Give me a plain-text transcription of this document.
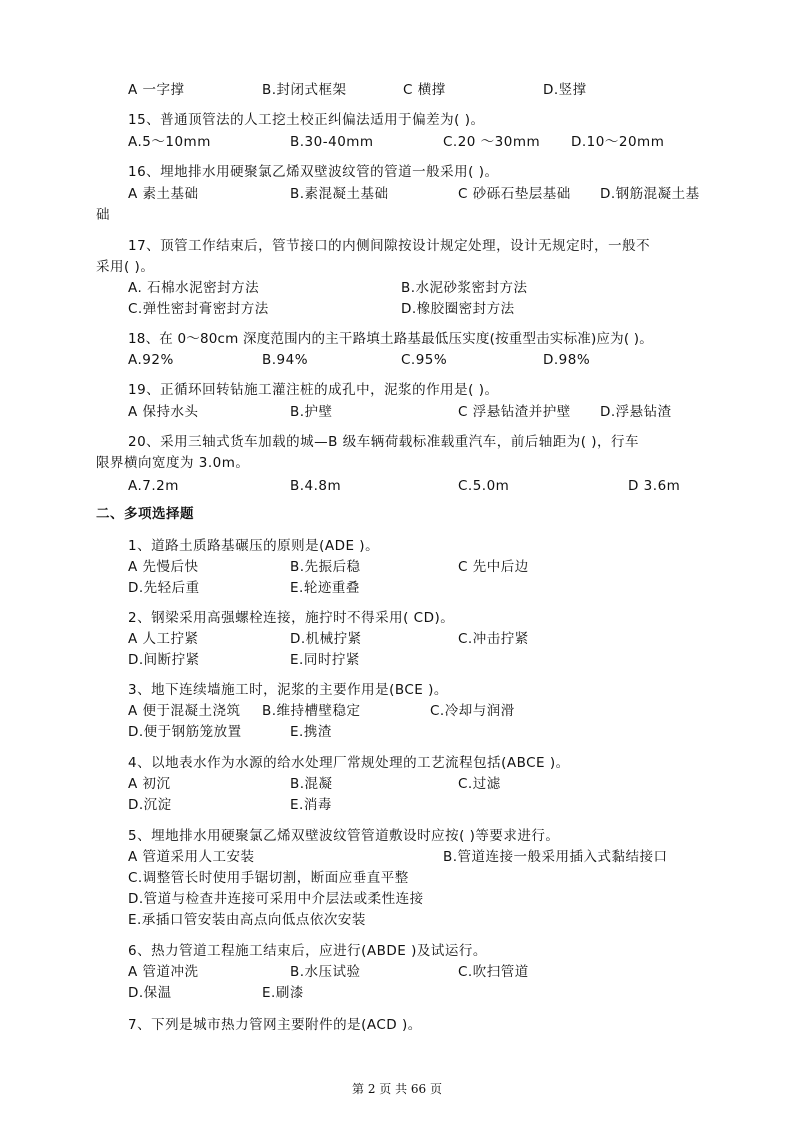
A 一字撑	B.封闭式框架	C 横撑	D.竖撑
15、普通顶管法的人工挖土校正纠偏法适用于偏差为( )。
A.5～10mm	B.30-40mm	C.20 ～30mm D.10～20mm
16、埋地排水用硬聚氯乙烯双壁波纹管的管道一般采用( )。
A 素土基础	B.素混凝土基础	C 砂砾石垫层基础 D.钢筋混凝土基
础
17、顶管工作结束后，管节接口的内侧间隙按设计规定处理，设计无规定时，一般不
采用( )。
A. 石棉水泥密封方法	B.水泥砂浆密封方法
C.弹性密封膏密封方法	D.橡胶圈密封方法
18、在 0～80cm 深度范围内的主干路填土路基最低压实度(按重型击实标准)应为( )。
A.92%	B.94%	C.95%	D.98%
19、正循环回转钻施工灌注桩的成孔中，泥浆的作用是( )。
A 保持水头	B.护壁	C 浮悬钻渣并护壁 D.浮悬钻渣
20、采用三轴式货车加载的城—B 级车辆荷载标准载重汽车，前后轴距为( )，行车
限界横向宽度为 3.0m。
A.7.2m	B.4.8m	C.5.0m	D 3.6m
二、多项选择题
1、道路土质路基碾压的原则是(ADE )。
A 先慢后快	B.先振后稳	C 先中后边
D.先轻后重	E.轮迹重叠
2、钢梁采用高强螺栓连接，施拧时不得采用( CD)。
A 人工拧紧	D.机械拧紧	C.冲击拧紧
D.间断拧紧	E.同时拧紧
3、地下连续墙施工时，泥浆的主要作用是(BCE )。
A 便于混凝土浇筑 B.维持槽壁稳定	C.冷却与润滑
D.便于钢筋笼放置	E.携渣
4、以地表水作为水源的给水处理厂常规处理的工艺流程包括(ABCE )。
A 初沉	B.混凝	C.过滤
D.沉淀	E.消毒
5、埋地排水用硬聚氯乙烯双壁波纹管管道敷设时应按( )等要求进行。
A 管道采用人工安装	B.管道连接一般采用插入式黏结接口
C.调整管长时使用手锯切割，断面应垂直平整
D.管道与检查井连接可采用中介层法或柔性连接
E.承插口管安装由高点向低点依次安装
6、热力管道工程施工结束后，应进行(ABDE )及试运行。
A 管道冲洗	B.水压试验	C.吹扫管道
D.保温	E.刷漆
7、下列是城市热力管网主要附件的是(ACD )。
第 2 页 共 66 页
